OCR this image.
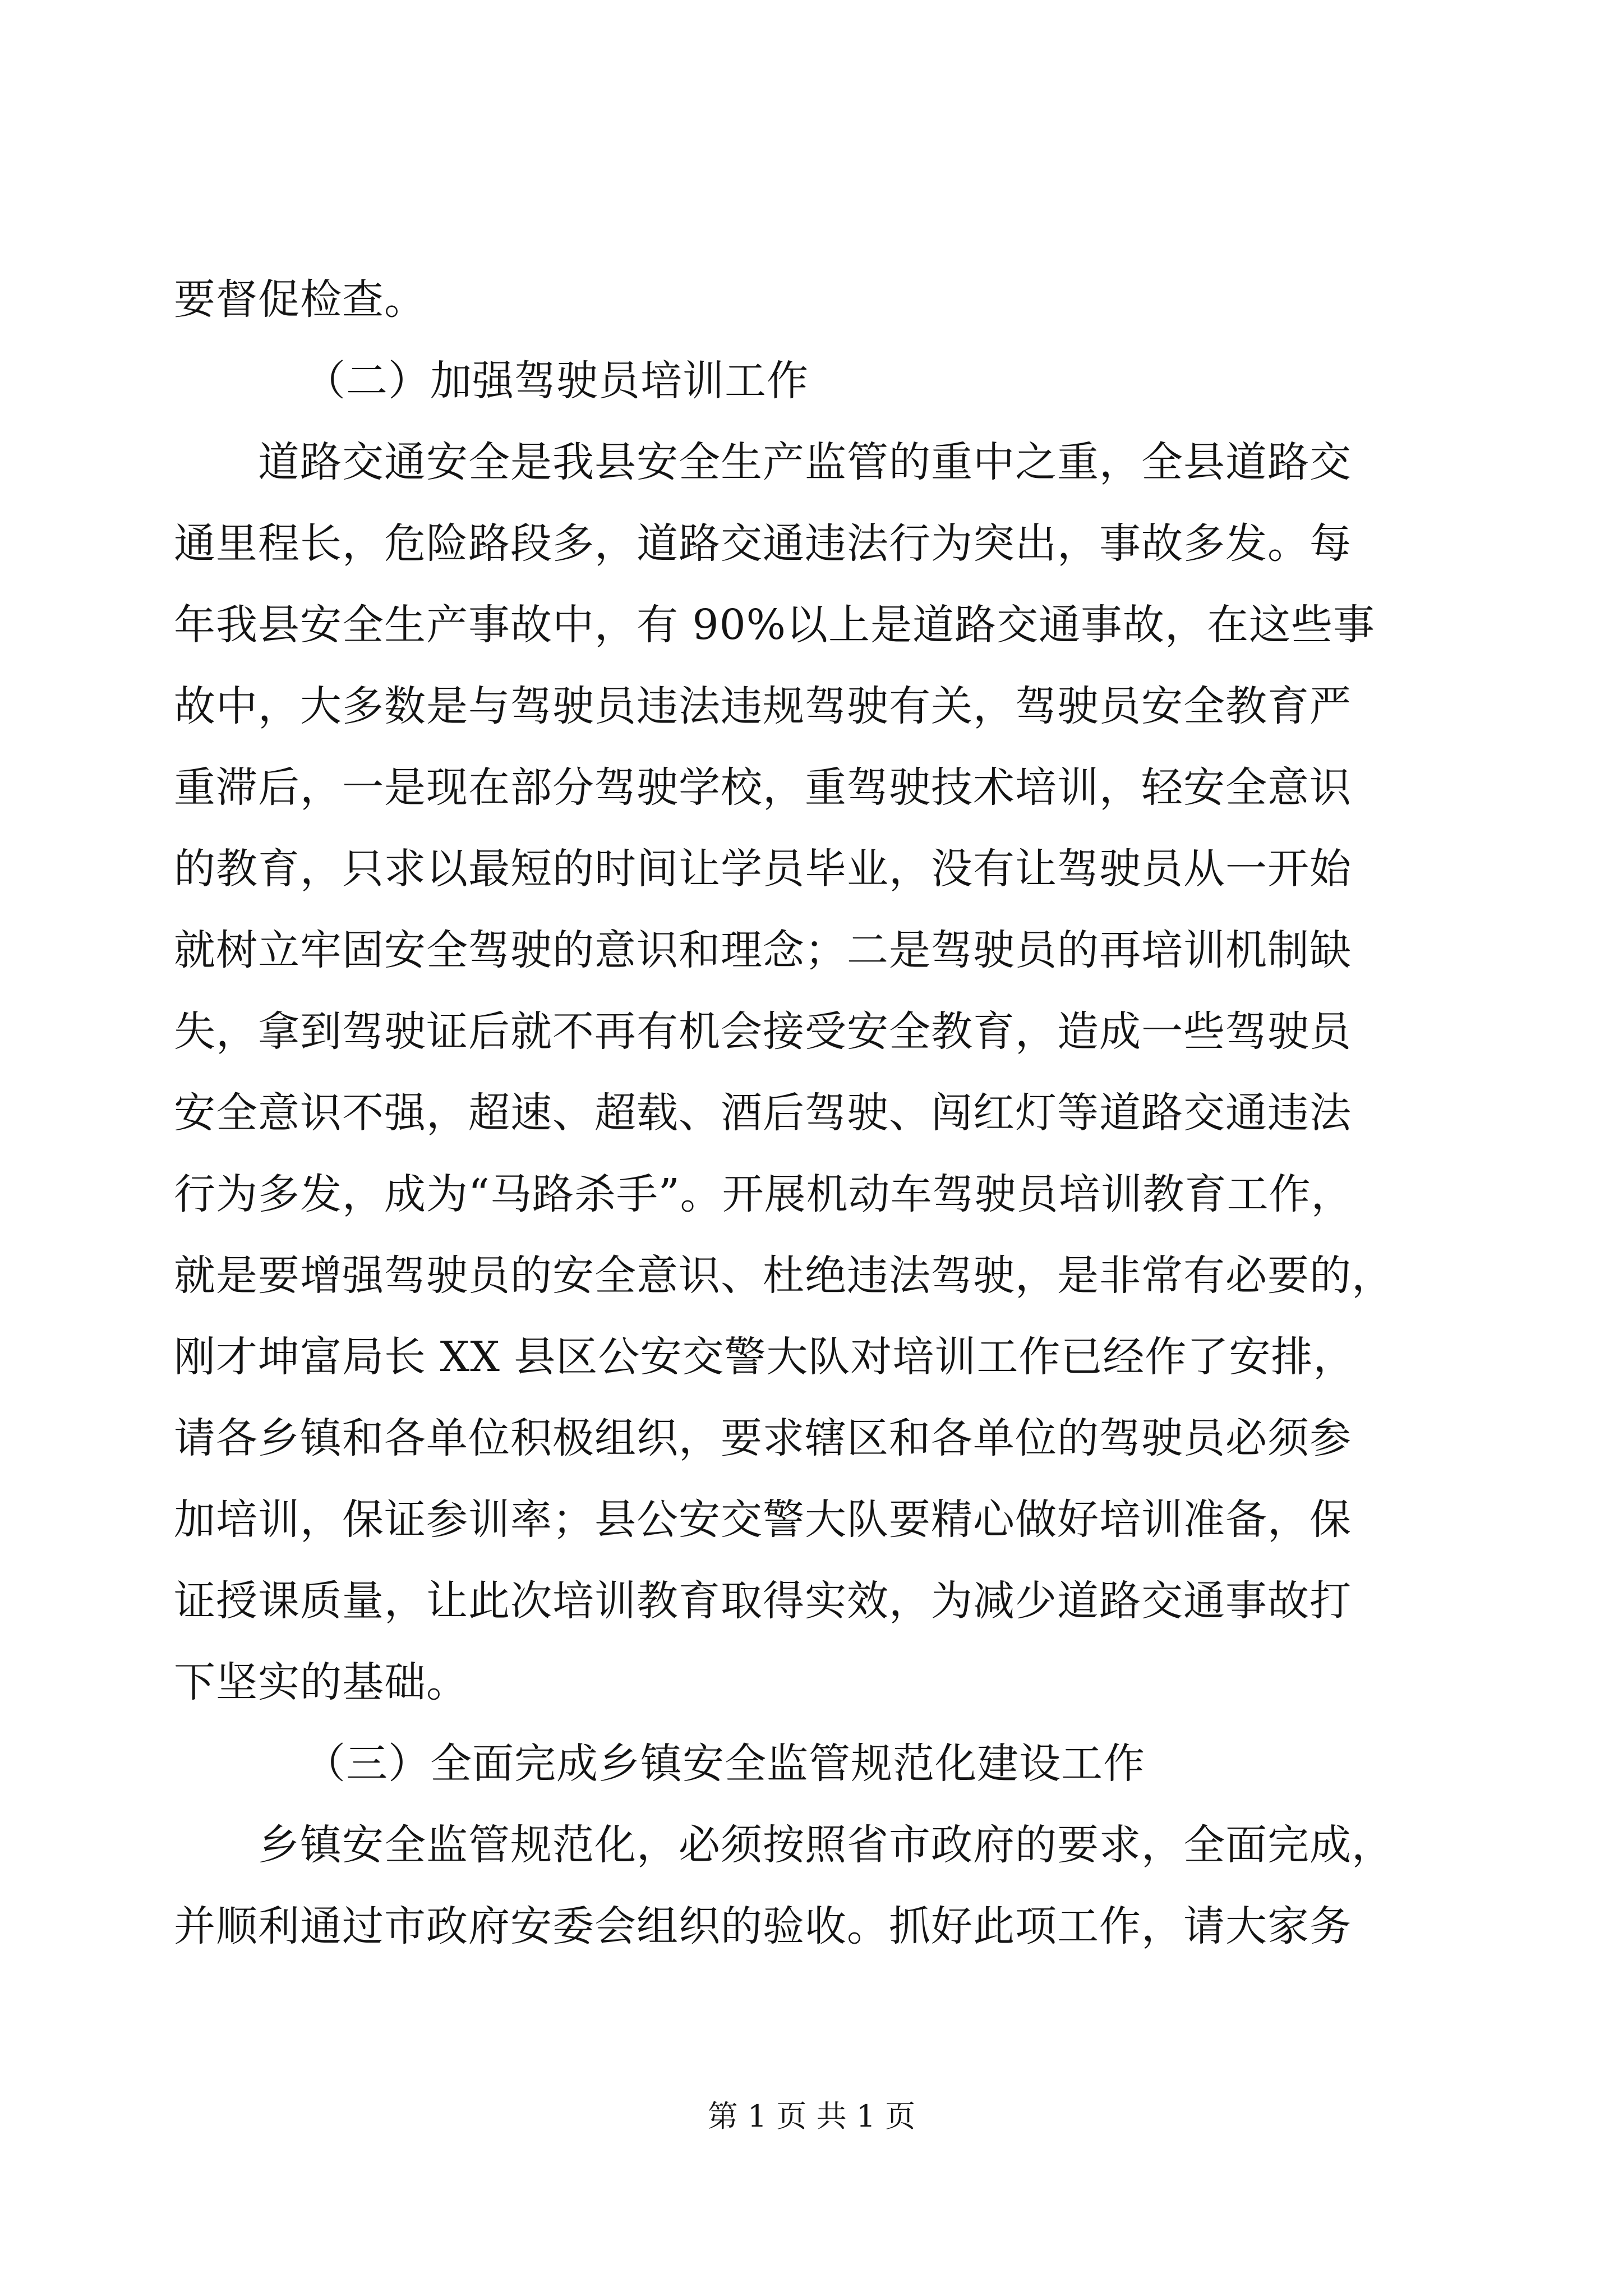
要督促检查。
（二）加强驾驶员培训工作
　　道路交通安全是我县安全生产监管的重中之重，全县道路交
通里程长，危险路段多，道路交通违法行为突出，事故多发。每
年我县安全生产事故中，有 90%以上是道路交通事故，在这些事
故中，大多数是与驾驶员违法违规驾驶有关，驾驶员安全教育严
重滞后，一是现在部分驾驶学校，重驾驶技术培训，轻安全意识
的教育，只求以最短的时间让学员毕业，没有让驾驶员从一开始
就树立牢固安全驾驶的意识和理念；二是驾驶员的再培训机制缺
失，拿到驾驶证后就不再有机会接受安全教育，造成一些驾驶员
安全意识不强，超速、超载、酒后驾驶、闯红灯等道路交通违法
行为多发，成为“马路杀手”。开展机动车驾驶员培训教育工作，
就是要增强驾驶员的安全意识、杜绝违法驾驶，是非常有必要的，
刚才坤富局长 XX 县区公安交警大队对培训工作已经作了安排，
请各乡镇和各单位积极组织，要求辖区和各单位的驾驶员必须参
加培训，保证参训率；县公安交警大队要精心做好培训准备，保
证授课质量，让此次培训教育取得实效，为减少道路交通事故打
下坚实的基础。
（三）全面完成乡镇安全监管规范化建设工作
　　乡镇安全监管规范化，必须按照省市政府的要求，全面完成，
并顺利通过市政府安委会组织的验收。抓好此项工作，请大家务
第 1 页 共 1 页
